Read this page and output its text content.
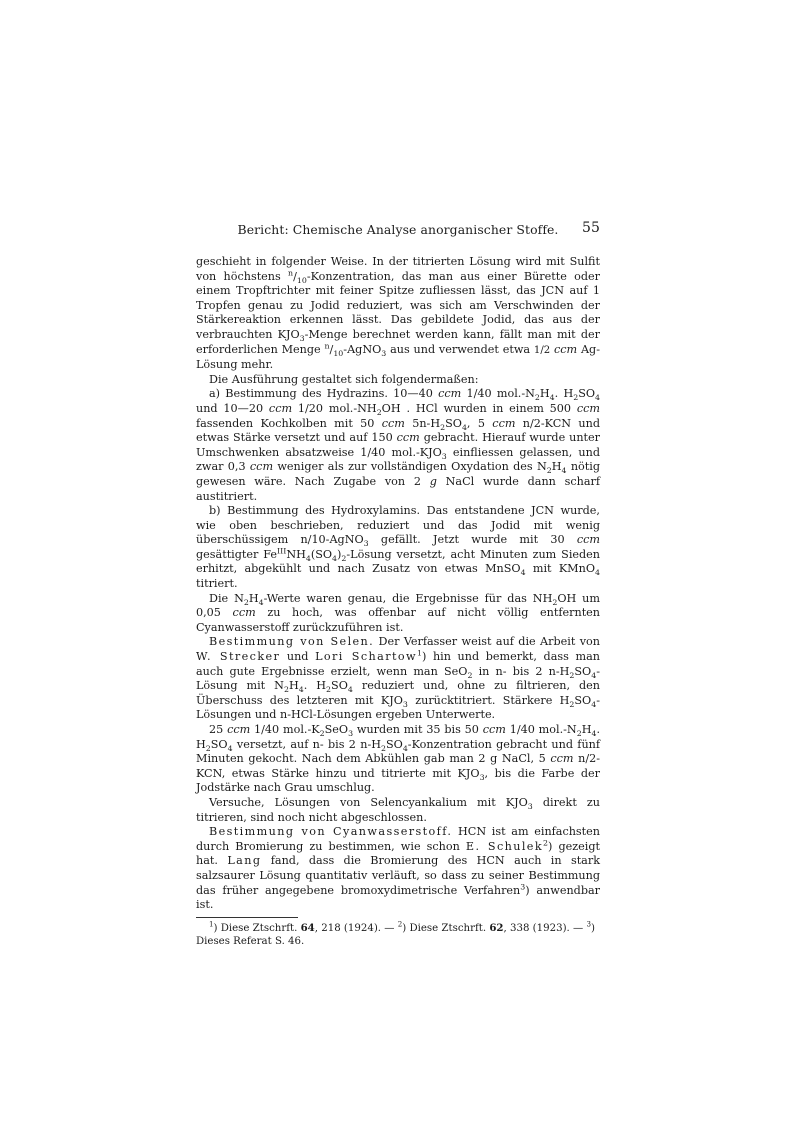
Bericht: Chemische Analyse anorganischer Stoffe.	55

geschieht in folgender Weise. In der titrierten Lösung wird mit Sulfit von höchstens $^n/_{10}$-Konzentration, das man aus einer Bürette oder einem Tropftrichter mit feiner Spitze zufliessen lässt, das JCN auf 1 Tropfen genau zu Jodid reduziert, was sich am Verschwinden der Stärkereaktion erkennen lässt. Das gebildete Jodid, das aus der verbrauchten $KJO_3$-Menge berechnet werden kann, fällt man mit der erforderlichen Menge $^n/_{10}-AgNO_3$ aus und verwendet etwa 1/2 ccm Ag-Lösung mehr.

Die Ausführung gestaltet sich folgendermaßen:

a) Bestimmung des Hydrazins. 10—40 ccm 1/40 $mol.-N_2H_4$. $H_2SO_4$ und 10—20 ccm 1/20 $mol.-NH_2OH$ . HCl wurden in einem 500 ccm fassenden Kochkolben mit 50 ccm $5n-H_2SO_4$, 5 ccm n/2-KCN und etwas Stärke versetzt und auf 150 ccm gebracht. Hierauf wurde unter Umschwenken absatzweise 1/40 $mol.-KJO_3$ einfliessen gelassen, und zwar 0,3 ccm weniger als zur vollständigen Oxydation des $N_2H_4$ nötig gewesen wäre. Nach Zugabe von 2 g NaCl wurde dann scharf austitriert.

b) Bestimmung des Hydroxylamins. Das entstandene JCN wurde, wie oben beschrieben, reduziert und das Jodid mit wenig überschüssigem n/10-AgNO$_3$ gefällt. Jetzt wurde mit 30 ccm gesättigter $Fe^{III}NH_4(SO_4)_2$-Lösung versetzt, acht Minuten zum Sieden erhitzt, abgekühlt und nach Zusatz von etwas MnSO$_4$ mit KMnO$_4$ titriert.

Die $N_2H_4$-Werte waren genau, die Ergebnisse für das $NH_2OH$ um 0,05 ccm zu hoch, was offenbar auf nicht völlig entfernten Cyanwasserstoff zurückzuführen ist.

Bestimmung von Selen. Der Verfasser weist auf die Arbeit von W. Strecker und Lori Schartow$^1$) hin und bemerkt, dass man auch gute Ergebnisse erzielt, wenn man SeO$_2$ in n- bis 2 $n-H_2SO_4$-Lösung mit $N_2H_4$. $H_2SO_4$ reduziert und, ohne zu filtrieren, den Überschuss des letzteren mit $KJO_3$ zurücktitriert. Stärkere $H_2SO_4$-Lösungen und n-HCl-Lösungen ergeben Unterwerte.

25 ccm 1/40 $mol.-K_2SeO_3$ wurden mit 35 bis 50 ccm 1/40 $mol.-N_2H_4$. $H_2SO_4$ versetzt, auf n- bis 2 $n-H_2SO_4$-Konzentration gebracht und fünf Minuten gekocht. Nach dem Abkühlen gab man 2 g NaCl, 5 ccm n/2-KCN, etwas Stärke hinzu und titrierte mit $KJO_3$, bis die Farbe der Jodstärke nach Grau umschlug.

Versuche, Lösungen von Selencyankalium mit $KJO_3$ direkt zu titrieren, sind noch nicht abgeschlossen.

Bestimmung von Cyanwasserstoff. HCN ist am einfachsten durch Bromierung zu bestimmen, wie schon E. Schulek$^2$) gezeigt hat. Lang fand, dass die Bromierung des HCN auch in stark salzsaurer Lösung quantitativ verläuft, so dass zu seiner Bestimmung das früher angegebene bromoxydimetrische Verfahren$^3$) anwendbar ist.

$^1$) Diese Ztschrft. 64, 218 (1924). — $^2$) Diese Ztschrft. 62, 338 (1923). — $^3$) Dieses Referat S. 46.
